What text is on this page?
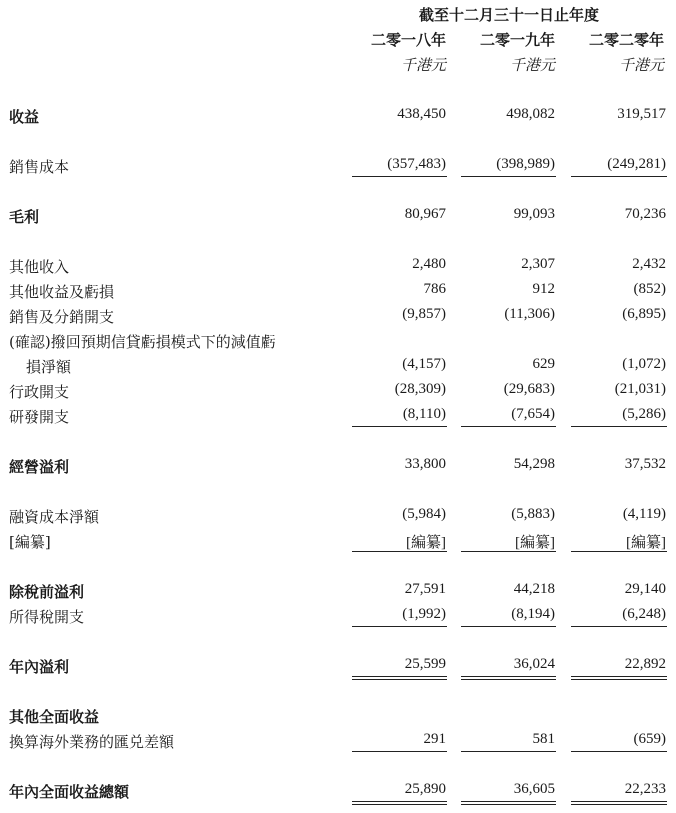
截至十二月三十一日止年度
二零一八年	二零一九年	二零二零年
千港元	千港元	千港元
收益	438,450	498,082	319,517
銷售成本	(357,483)	(398,989)	(249,281)
毛利	80,967	99,093	70,236
其他收入	2,480	2,307	2,432
其他收益及虧損	786	912	(852)
銷售及分銷開支	(9,857)	(11,306)	(6,895)
(確認)撥回預期信貸虧損模式下的減值虧
損淨額	(4,157)	629	(1,072)
行政開支	(28,309)	(29,683)	(21,031)
研發開支	(8,110)	(7,654)	(5,286)
經營溢利	33,800	54,298	37,532
融資成本淨額	(5,984)	(5,883)	(4,119)
[編纂]	[編纂]	[編纂]	[編纂]
除稅前溢利	27,591	44,218	29,140
所得稅開支	(1,992)	(8,194)	(6,248)
年內溢利	25,599	36,024	22,892
其他全面收益
換算海外業務的匯兑差額	291	581	(659)
年內全面收益總額	25,890	36,605	22,233
